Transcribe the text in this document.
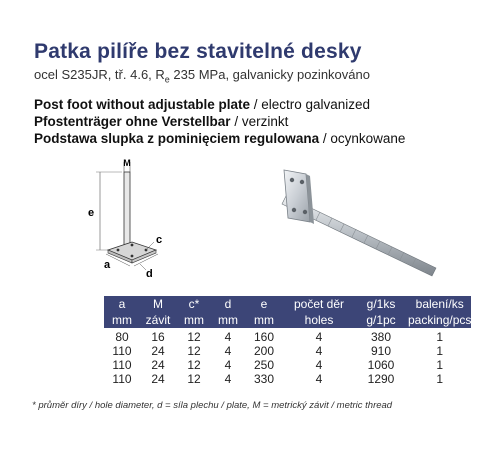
Patka pilíře bez stavitelné desky
ocel S235JR, tř. 4.6, $R_e$ 235 MPa, galvanicky pozinkováno
Post foot without adjustable plate / electro galvanized
Pfostenträger ohne Verstellbar / verzinkt
Podstawa slupka z pominięciem regulowana / ocynkowane
M
e
c
a
d
a	M	c*	d	e	počet děr	g/1ks	balení/ks
mm	závit	mm	mm	mm	holes	g/1pc	packing/pcs
80	16	12	4	160	4	380	1
110	24	12	4	200	4	910	1
110	24	12	4	250	4	1060	1
110	24	12	4	330	4	1290	1
* průměr díry / hole diameter, d = síla plechu / plate, M = metrický závit / metric thread
